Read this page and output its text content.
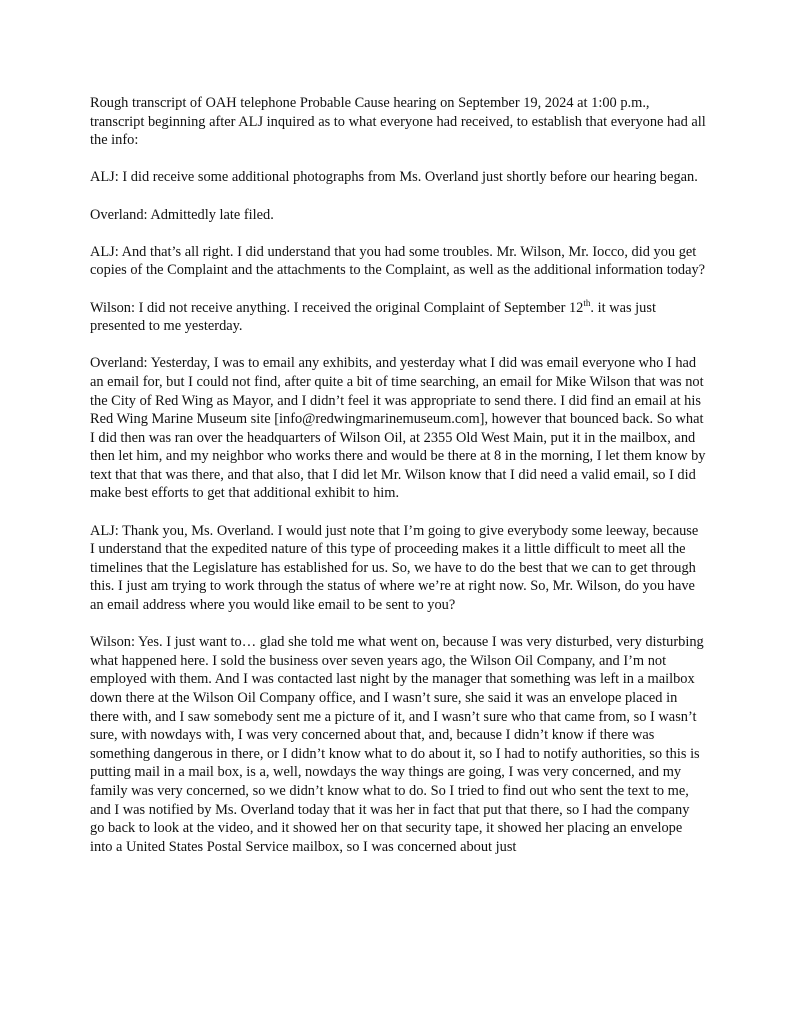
Rough transcript of OAH telephone Probable Cause hearing on September 19, 2024 at 1:00 p.m., transcript beginning after ALJ inquired as to what everyone had received, to establish that everyone had all the info:

ALJ: I did receive some additional photographs from Ms. Overland just shortly before our hearing began.

Overland: Admittedly late filed.

ALJ: And that’s all right. I did understand that you had some troubles. Mr. Wilson, Mr. Iocco, did you get copies of the Complaint and the attachments to the Complaint, as well as the additional information today?

Wilson: I did not receive anything. I received the original Complaint of September 12th. it was just presented to me yesterday.

Overland: Yesterday, I was to email any exhibits, and yesterday what I did was email everyone who I had an email for, but I could not find, after quite a bit of time searching, an email for Mike Wilson that was not the City of Red Wing as Mayor, and I didn’t feel it was appropriate to send there. I did find an email at his Red Wing Marine Museum site [info@redwingmarinemuseum.com], however that bounced back. So what I did then was ran over the headquarters of Wilson Oil, at 2355 Old West Main, put it in the mailbox, and then let him, and my neighbor who works there and would be there at 8 in the morning, I let them know by text that that was there, and that also, that I did let Mr. Wilson know that I did need a valid email, so I did make best efforts to get that additional exhibit to him.

ALJ: Thank you, Ms. Overland. I would just note that I’m going to give everybody some leeway, because I understand that the expedited nature of this type of proceeding makes it a little difficult to meet all the timelines that the Legislature has established for us. So, we have to do the best that we can to get through this. I just am trying to work through the status of where we’re at right now. So, Mr. Wilson, do you have an email address where you would like email to be sent to you?

Wilson: Yes. I just want to… glad she told me what went on, because I was very disturbed, very disturbing what happened here. I sold the business over seven years ago, the Wilson Oil Company, and I’m not employed with them. And I was contacted last night by the manager that something was left in a mailbox down there at the Wilson Oil Company office, and I wasn’t sure, she said it was an envelope placed in there with, and I saw somebody sent me a picture of it, and I wasn’t sure who that came from, so I wasn’t sure, with nowdays with, I was very concerned about that, and, because I didn’t know if there was something dangerous in there, or I didn’t know what to do about it, so I had to notify authorities, so this is putting mail in a mail box, is a, well, nowdays the way things are going, I was very concerned, and my family was very concerned, so we didn’t know what to do. So I tried to find out who sent the text to me, and I was notified by Ms. Overland today that it was her in fact that put that there, so I had the company go back to look at the video, and it showed her on that security tape, it showed her placing an envelope into a United States Postal Service mailbox, so I was concerned about just
